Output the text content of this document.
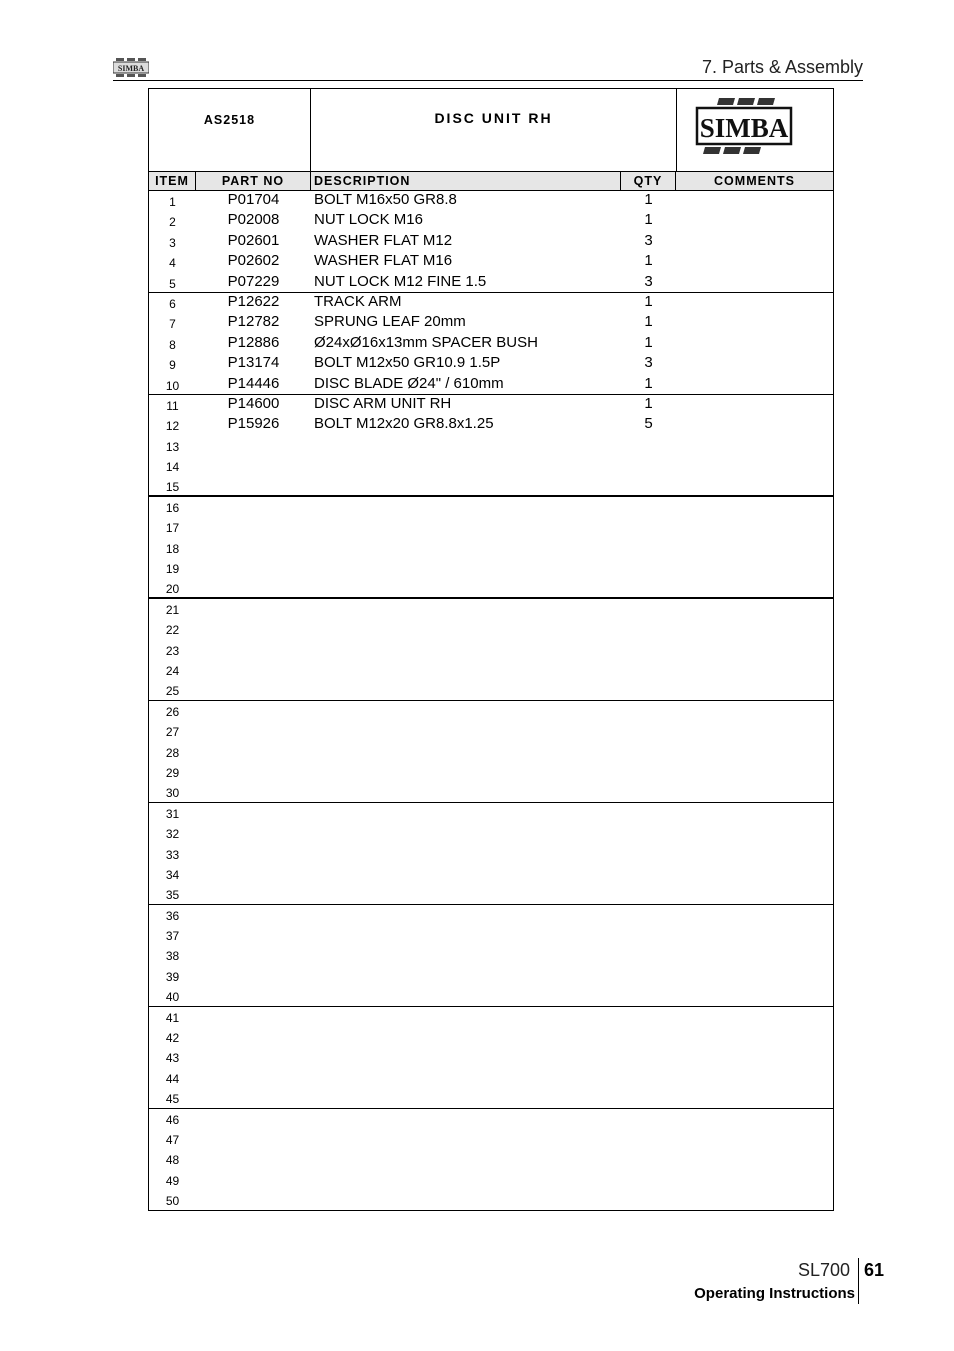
SIMBA	7. Parts & Assembly
AS2518	DISC UNIT RH	SIMBA
ITEM	PART NO	DESCRIPTION	QTY	COMMENTS
1	P01704	BOLT M16x50 GR8.8	1
2	P02008	NUT LOCK M16	1
3	P02601	WASHER FLAT M12	3
4	P02602	WASHER FLAT M16	1
5	P07229	NUT LOCK M12 FINE 1.5	3
6	P12622	TRACK ARM	1
7	P12782	SPRUNG LEAF 20mm	1
8	P12886	Ø24xØ16x13mm SPACER BUSH	1
9	P13174	BOLT M12x50 GR10.9 1.5P	3
10	P14446	DISC BLADE Ø24" / 610mm	1
11	P14600	DISC ARM UNIT RH	1
12	P15926	BOLT M12x20 GR8.8x1.25	5
13
14
15
16
17
18
19
20
21
22
23
24
25
26
27
28
29
30
31
32
33
34
35
36
37
38
39
40
41
42
43
44
45
46
47
48
49
50
SL700 61
Operating Instructions
